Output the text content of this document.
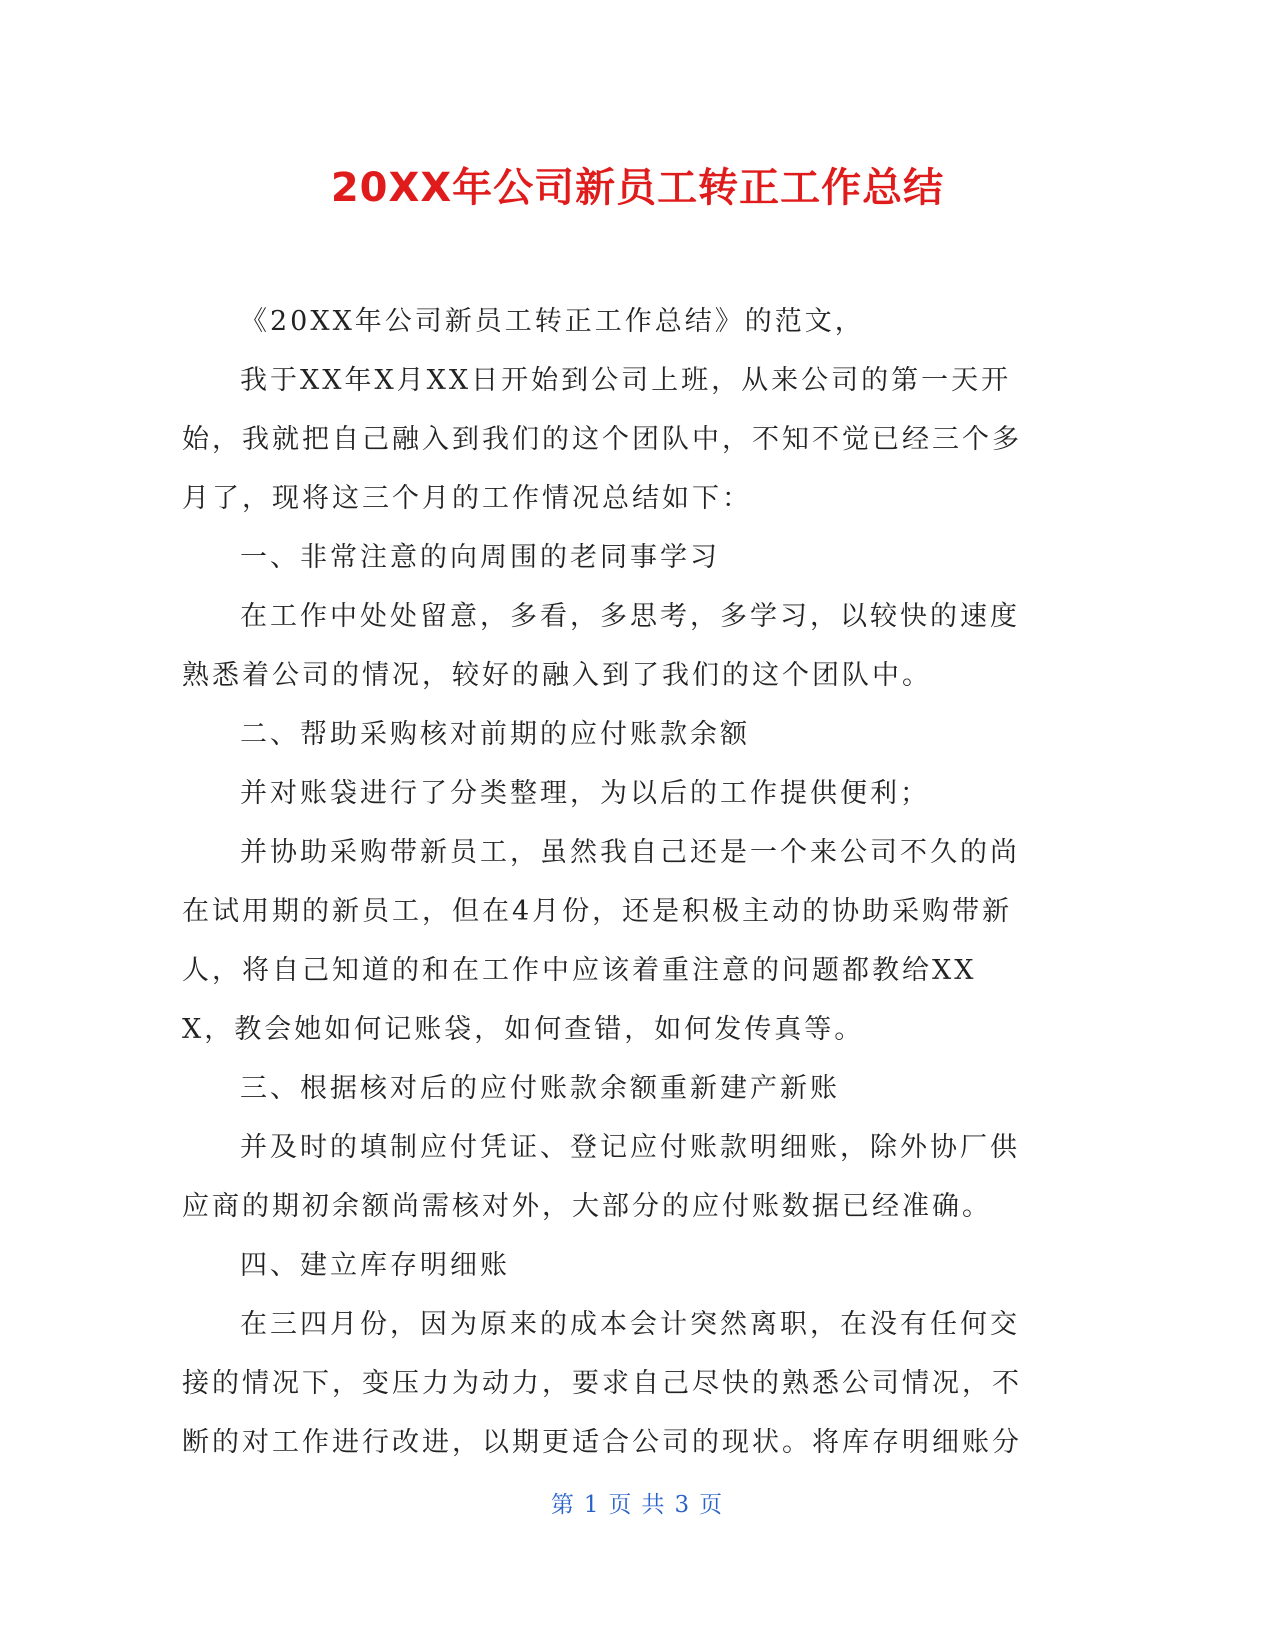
20XX年公司新员工转正工作总结

《20XX年公司新员工转正工作总结》的范文，

我于XX年X月XX日开始到公司上班，从来公司的第一天开始，我就把自己融入到我们的这个团队中，不知不觉已经三个多月了，现将这三个月的工作情况总结如下：

一、非常注意的向周围的老同事学习

在工作中处处留意，多看，多思考，多学习，以较快的速度熟悉着公司的情况，较好的融入到了我们的这个团队中。

二、帮助采购核对前期的应付账款余额

并对账袋进行了分类整理，为以后的工作提供便利；

并协助采购带新员工，虽然我自己还是一个来公司不久的尚在试用期的新员工，但在4月份，还是积极主动的协助采购带新人，将自己知道的和在工作中应该着重注意的问题都教给XXX，教会她如何记账袋，如何查错，如何发传真等。

三、根据核对后的应付账款余额重新建产新账

并及时的填制应付凭证、登记应付账款明细账，除外协厂供应商的期初余额尚需核对外，大部分的应付账数据已经准确。

四、建立库存明细账

在三四月份，因为原来的成本会计突然离职，在没有任何交接的情况下，变压力为动力，要求自己尽快的熟悉公司情况，不断的对工作进行改进，以期更适合公司的现状。将库存明细账分

第 1 页 共 3 页
